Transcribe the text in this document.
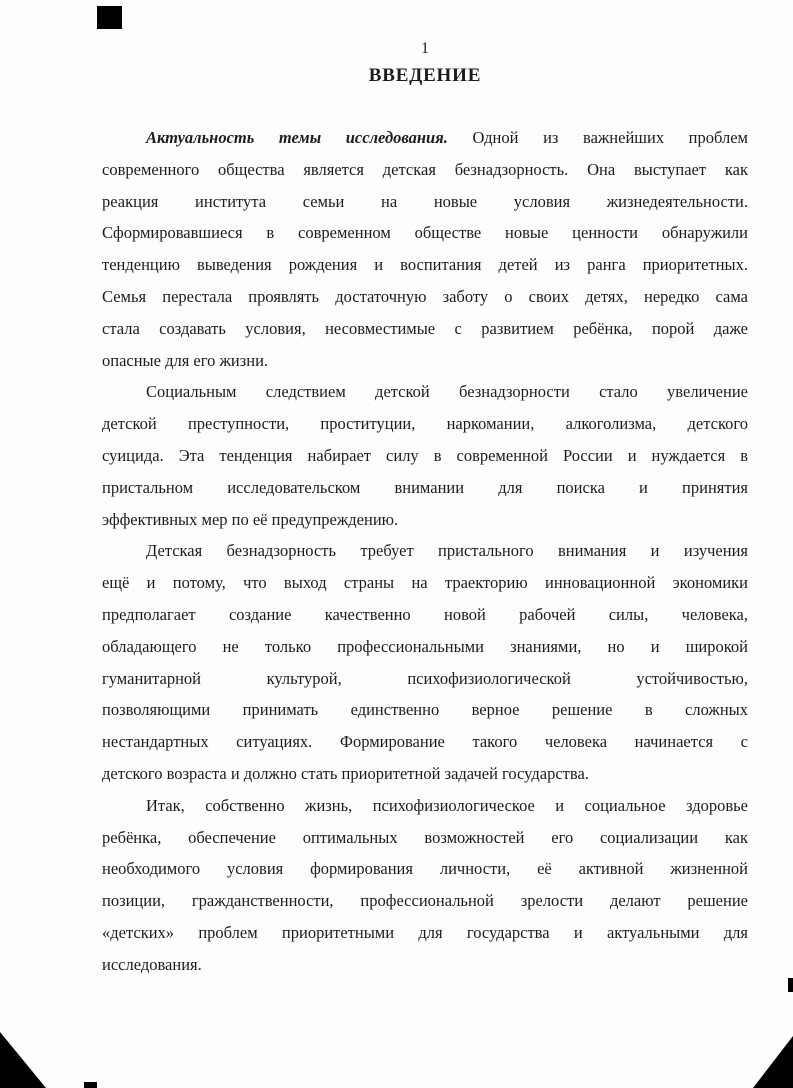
1
ВВЕДЕНИЕ
Актуальность темы исследования. Одной из важнейших проблем
современного общества является детская безнадзорность. Она выступает как
реакция института семьи на новые условия жизнедеятельности.
Сформировавшиеся в современном обществе новые ценности обнаружили
тенденцию выведения рождения и воспитания детей из ранга приоритетных.
Семья перестала проявлять достаточную заботу о своих детях, нередко сама
стала создавать условия, несовместимые с развитием ребёнка, порой даже
опасные для его жизни.
Социальным следствием детской безнадзорности стало увеличение
детской преступности, проституции, наркомании, алкоголизма, детского
суицида. Эта тенденция набирает силу в современной России и нуждается в
пристальном исследовательском внимании для поиска и принятия
эффективных мер по её предупреждению.
Детская безнадзорность требует пристального внимания и изучения
ещё и потому, что выход страны на траекторию инновационной экономики
предполагает создание качественно новой рабочей силы, человека,
обладающего не только профессиональными знаниями, но и широкой
гуманитарной культурой, психофизиологической устойчивостью,
позволяющими принимать единственно верное решение в сложных
нестандартных ситуациях. Формирование такого человека начинается с
детского возраста и должно стать приоритетной задачей государства.
Итак, собственно жизнь, психофизиологическое и социальное здоровье
ребёнка, обеспечение оптимальных возможностей его социализации как
необходимого условия формирования личности, её активной жизненной
позиции, гражданственности, профессиональной зрелости делают решение
«детских» проблем приоритетными для государства и актуальными для
исследования.
